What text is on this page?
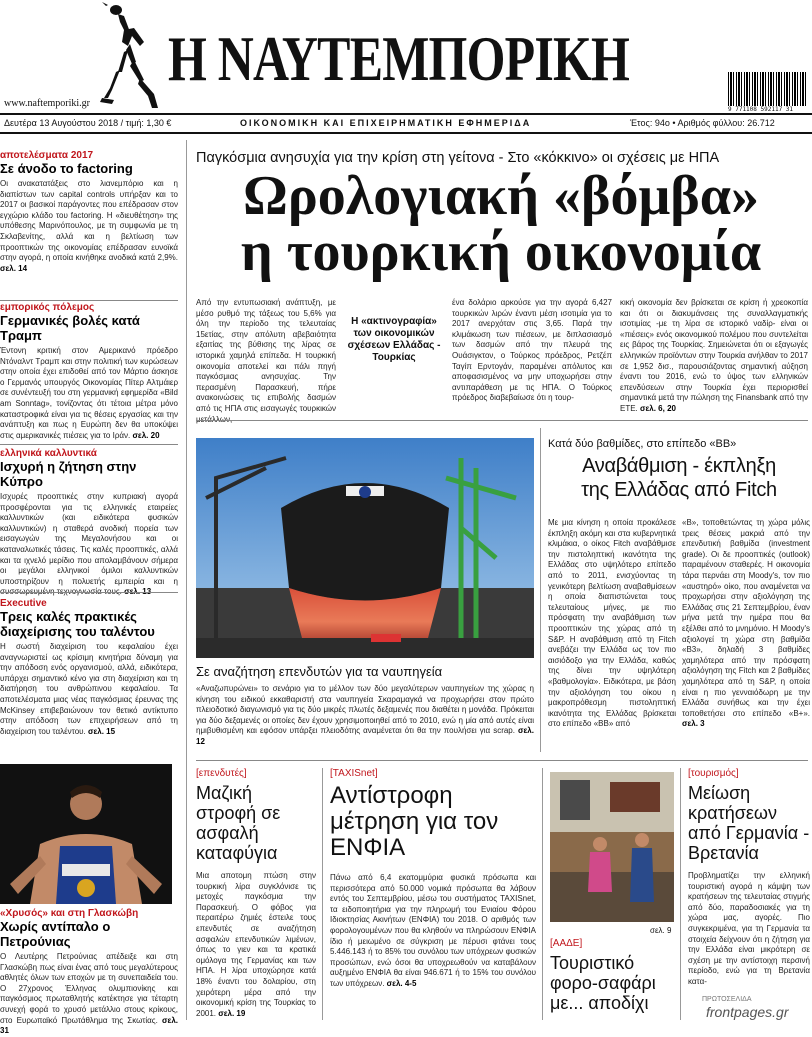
Η ΝΑΥΤΕΜΠΟΡΙΚΗ
www.naftemporiki.gr
9 771108 592117 31
Δευτέρα 13 Αυγούστου 2018 / τιμή: 1,30 €	ΟΙΚΟΝΟΜΙΚΗ ΚΑΙ ΕΠΙΧΕΙΡΗΜΑΤΙΚΗ ΕΦΗΜΕΡΙΔΑ	Έτος: 94ο • Αριθμός φύλλου: 26.712
αποτελέσματα 2017
Σε άνοδο το factoring
Οι ανακατατάξεις στο λιανεμπόριο και η διαπίστων των capital controls υπήρξαν και το 2017 οι βασικοί παράγοντες που επέδρασαν στον εγχώριο κλάδο του factoring. Η «διευθέτηση» της υπόθεσης Μαρινόπουλος, με τη συμφωνία με τη Σκλαβενίτης, αλλά και η βελτίωση των προοπτικών της οικονομίας επέδρασαν ευνοϊκά στην αγορά, η οποία κινήθηκε ανοδικά κατά 2,9%. σελ. 14
εμπορικός πόλεμος
Γερμανικές βολές κατά Τραμπ
Έντονη κριτική στον Αμερικανό πρόεδρο Ντόναλντ Τραμπ και στην πολιτική των κυρώσεων στην οποία έχει επιδοθεί από τον Μάρτιο άσκησε ο Γερμανός υπουργός Οικονομίας Πίτερ Αλτμάιερ σε συνέντευξή του στη γερμανική εφημερίδα «Bild am Sonntag», τονίζοντας ότι τέτοια μέτρα μόνο καταστροφικά είναι για τις θέσεις εργασίας και την ανάπτυξη και πως η Ευρώπη δεν θα υποκύψει στις αμερικανικές πιέσεις για το Ιράν. σελ. 20
ελληνικά καλλυντικά
Ισχυρή η ζήτηση στην Κύπρο
Ισχυρές προοπτικές στην κυπριακή αγορά προσφέρονται για τις ελληνικές εταιρείες καλλυντικών (και ειδικότερα φυσικών καλλυντικών) η σταθερά ανοδική πορεία των εισαγωγών της Μεγαλονήσου και οι καταναλωτικές τάσεις. Τις καλές προοπτικές, αλλά και τα ιχνελό μερίδιο που απολαμβάνουν σήμερα οι μεγάλοι ελληνικοί όμιλοι καλλυντικών υποστηρίζουν η πολυετής εμπειρία και η
Executive
Τρεις καλές πρακτικές διαχείρισης του ταλέντου
Η σωστή διαχείριση του κεφαλαίου έχει αναγνωριστεί ως κρίσιμη κινητήρια δύναμη για την απόδοση ενός οργανισμού, αλλά, ειδικότερα, υπάρχει σημαντικό κένο για στη διαχείριση και τη διατήρηση του ανθρώπινου κεφαλαίου. Τα αποτελέσματα μιας νέας παγκόσμιας έρευνας της McKinsey επιβεβαιώνουν τον θετικό αντίκτυπο στην απόδοση των επιχειρήσεων από τη διαχείριση του ταλέντου. σελ. 15
«Χρυσός» και στη Γλασκώβη
Χωρίς αντίπαλο ο Πετρούνιας
Ο Λευτέρης Πετρούνιας απέδειξε και στη Γλασκώβη πως είναι ένας από τους μεγαλύτερους αθλητές όλων των εποχών με τη συνεπαιδεία του. Ο 27χρονος Έλληνας ολυμπιονίκης και παγκόσμιος πρωταθλητής κατέκτησε για τέταρτη συνεχή φορά το χρυσό μετάλλιο στους κρίκους, στο Ευρωπαϊκό Πρωτάθλημα της Σκωτίας. σελ. 31
Παγκόσμια ανησυχία για την κρίση στη γείτονα - Στο «κόκκινο» οι σχέσεις με ΗΠΑ
Ωρολογιακή «βόμβα»
η τουρκική οικονομία
Από την εντυπωσιακή ανάπτυξη, με μέσο ρυθμό της τάξεως του 5,6% για όλη την περίοδο της τελευταίας 15ετίας, στην απόλυτη αβεβαιότητα εξαιτίας της βύθισης της λίρας σε ιστορικά χαμηλά επίπεδα. Η τουρκική οικονομία αποτελεί και πάλι πηγή παγκόσμιας ανησυχίας. Την περασμένη Παρασκευή, πήρε ανακοινώσεις τις επιβολής δασμών από τις ΗΠΑ στις εισαγωγές τουρκικών
Η «ακτινογραφία» των οικονομικών σχέσεων Ελλάδας - Τουρκίας
ένα δολάριο αρκούσε για την αγορά 6,427 τουρκικών λιρών έναντι μέση ισοτιμία για το 2017 ανερχόταν στις 3,65. Παρά την κλιμάκωση των πιέσεων, με διπλασιασμό των δασμών από την πλευρά της Ουάσιγκτον, ο Τούρκος πρόεδρος, Ρετζέπ Ταγίπ Ερντογάν, παραμένει απόλυτος και αποφασισμένος να μην υποχωρήσει στην αντιπαράθεση με τις ΗΠΑ. Ο Τούρκος πρόεδρος διαβεβαίωσε ότι η τουρ-
κική οικονομία δεν βρίσκεται σε κρίση ή χρεοκοπία και ότι οι διακυμάνσεις της συναλλαγματικής ισοτιμίας -με τη λίρα σε ιστορικό ναδίρ- είναι οι «πιέσεις» ενός οικονομικού πολέμου που συντελείται εις βάρος της Τουρκίας. Σημειώνεται ότι οι εξαγωγές ελληνικών προϊόντων στην Τουρκία ανήλθαν το 2017 σε 1,952 δισ., παρουσιάζοντας σημαντική αύξηση έναντι του 2016, ενώ το ύψος των ελληνικών επενδύσεων στην Τουρκία έχει περιορισθεί σημαντικά μετά την πώληση της Finansbank από την ΕΤΕ. σελ. 6, 20
Σε αναζήτηση επενδυτών για τα ναυπηγεία
«Αναζωπυρώνει» το σενάριο για το μέλλον των δύο μεγαλύτερων ναυπηγείων της χώρας η κίνηση του ειδικού εκκαθαριστή στα ναυπηγεία Σκαραμαγκά να προχωρήσει στον πρώτο πλειοδοτικό διαγωνισμό για τις δύο μικρές πλωτές δεξαμενές που διαθέτει η μονάδα. Πρόκειται για δύο δεξαμενές οι οποίες δεν έχουν χρησιμοποιηθεί από το 2010, ενώ η μία από αυτές είναι ημιβυθισμένη και εφόσον υπάρξει πλειοδότης αναμένεται ότι θα την πουλήσει για scrap. σελ. 12
Κατά δύο βαθμίδες, στο επίπεδο «ΒΒ»
Αναβάθμιση - έκπληξη
της Ελλάδας από Fitch
Με μια κίνηση η οποία προκάλεσε έκπληξη ακόμη και στα κυβερνητικά κλιμάκια, ο οίκος Fitch αναβάθμισε την πιστοληπτική ικανότητα της Ελλάδας στο υψηλότερο επίπεδο από το 2011, ενισχύοντας τη γενικότερη βελτίωση αναβαθμίσεων η οποία διαπιστώνεται τους τελευταίους μήνες, με πιο πρόσφατη την αναβάθμιση των προοπτικών της χώρας από τη S&P. Η αναβάθμιση από τη Fitch ανεβάζει την Ελλάδα ως τον πιο αισιόδοξο για την Ελλάδα, καθώς της δίνει την υψηλότερη «βαθμολογία». Ειδικότερα, με βάση την αξιολόγηση του οίκου η μακροπρόθεσμη πιστοληπτική ικανότητα της Ελλάδας βρίσκεται στο επίπεδο «ΒΒ» από
«Β», τοποθετώντας τη χώρα μόλις τρεις θέσεις μακριά από την επενδυτική βαθμίδα (investment grade). Οι δε προοπτικές (outlook) παραμένουν σταθερές. Η οικονομία τάρα περνάει στη Moody's, τον πιο «αυστηρό» οίκο, που αναμένεται να προχωρήσει στην αξιολόγηση της Ελλάδας στις 21 Σεπτεμβρίου, έναν μήνα μετά την ημέρα που θα εξέλθει από το μνημόνιο. Η Moody's αξιολογεί τη χώρα στη βαθμίδα «Β3», δηλαδή 3 βαθμίδες χαμηλότερα από την πρόσφατη αξιολόγηση της Fitch και 2 βαθμίδες χαμηλότερα από τη S&P, η οποία είναι η πιο γενναιόδωρη με την Ελλάδα συνήθως και την έχει τοποθετήσει στο επίπεδο «Β+». σελ. 3
[επενδυτές]
Μαζική στροφή σε ασφαλή καταφύγια
Μια αποτομη πτώση στην τουρκική λίρα συγκλόνισε τις μετοχές παγκόσμια την Παρασκευή. Ο φόβος για περαιτέρω ζημιές έστειλε τους επενδυτές σε αναζήτηση ασφαλών επενδυτικών λιμένων, όπως το γιεν και τα κρατικά ομόλογα της Γερμανίας και των ΗΠΑ. Η λίρα υποχώρησε κατά 18% έναντι του δολαρίου, στη χειρότερη μέρα από την οικονομική κρίση της Τουρκίας το 2001. σελ. 19
[TAXISnet]
Αντίστροφη μέτρηση για τον ΕΝΦΙΑ
Πάνω από 6,4 εκατομμύρια φυσικά πρόσωπα και περισσότερα από 50.000 νομικά πρόσωπα θα λάβουν εντός του Σεπτεμβρίου, μέσω του συστήματος TAXISnet, τα ειδοποιητήρια για την πληρωμή του Ενιαίου Φόρου Ιδιοκτησίας Ακινήτων (ΕΝΦΙΑ) του 2018. Ο αριθμός των φορολογουμένων που θα κληθούν να πληρώσουν ΕΝΦΙΑ ίδιο ή μειωμένο σε σύγκριση με πέρυσι φτάνει τους 5.446.143 ή το 85% του συνόλου των υπόχρεων φυσικών προσώπων, ενώ όσοι θα υποχρεωθούν να καταβάλουν αυξημένο ΕΝΦΙΑ θα είναι 946.671 ή το 15% του συνόλου των υπόχρεων. σελ. 4-5
σελ. 9
[ΑΑΔΕ]
Τουριστικό φορο-σαφάρι με... αποδίχι
[τουρισμός]
Μείωση κρατήσεων από Γερμανία - Βρετανία
Προβληματίζει την ελληνική τουριστική αγορά η κάμψη των κρατήσεων της τελευταίας στιγμής από δύο, παραδοσιακές για τη χώρα μας, αγορές. Πιο συγκεκριμένα, για τη Γερμανία τα στοιχεία δείχνουν ότι η ζήτηση για την Ελλάδα είναι μικρότερη σε σχέση με την αντίστοιχη περσινή περίοδο, ενώ για τη Βρετανία κατα-
ΠΡΩΤΟΣΕΛΙΔΑ
frontpages.gr
